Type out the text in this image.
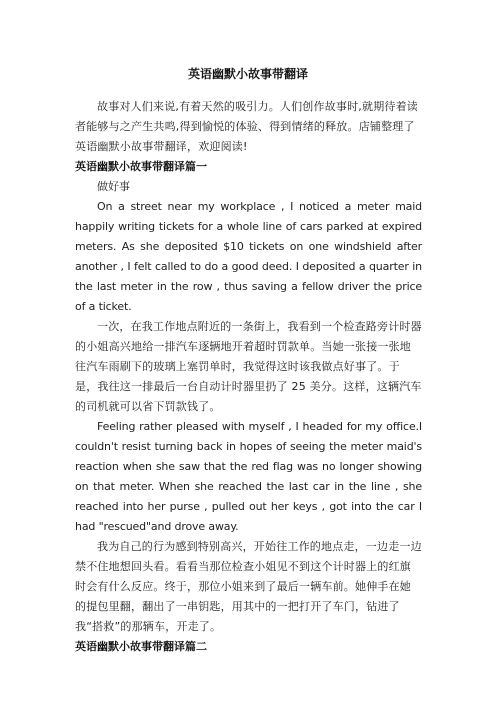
英语幽默小故事带翻译

故事对人们来说,有着天然的吸引力。人们创作故事时,就期待着读者能够与之产生共鸣,得到愉悦的体验、得到情绪的释放。店铺整理了英语幽默小故事带翻译，欢迎阅读!

英语幽默小故事带翻译篇一

做好事

On a street near my workplace , I noticed a meter maid happily writing tickets for a whole line of cars parked at expired meters. As she deposited $10 tickets on one windshield after another , I felt called to do a good deed. I deposited a quarter in the last meter in the row , thus saving a fellow driver the price of a ticket.

一次，在我工作地点附近的一条街上，我看到一个检查路旁计时器的小姐高兴地给一排汽车逐辆地开着超时罚款单。当她一张接一张地往汽车雨刷下的玻璃上塞罚单时，我觉得这时该我做点好事了。于是，我往这一排最后一台自动计时器里扔了 25 美分。这样，这辆汽车的司机就可以省下罚款钱了。

Feeling rather pleased with myself , I headed for my office.I couldn't resist turning back in hopes of seeing the meter maid's reaction when she saw that the red flag was no longer showing on that meter. When she reached the last car in the line , she reached into her purse , pulled out her keys , got into the car I had "rescued"and drove away.

我为自己的行为感到特别高兴，开始往工作的地点走，一边走一边禁不住地想回头看。看看当那位检查小姐见不到这个计时器上的红旗时会有什么反应。终于，那位小姐来到了最后一辆车前。她伸手在她的提包里翻，翻出了一串钥匙，用其中的一把打开了车门，钻进了我“搭救”的那辆车，开走了。

英语幽默小故事带翻译篇二
